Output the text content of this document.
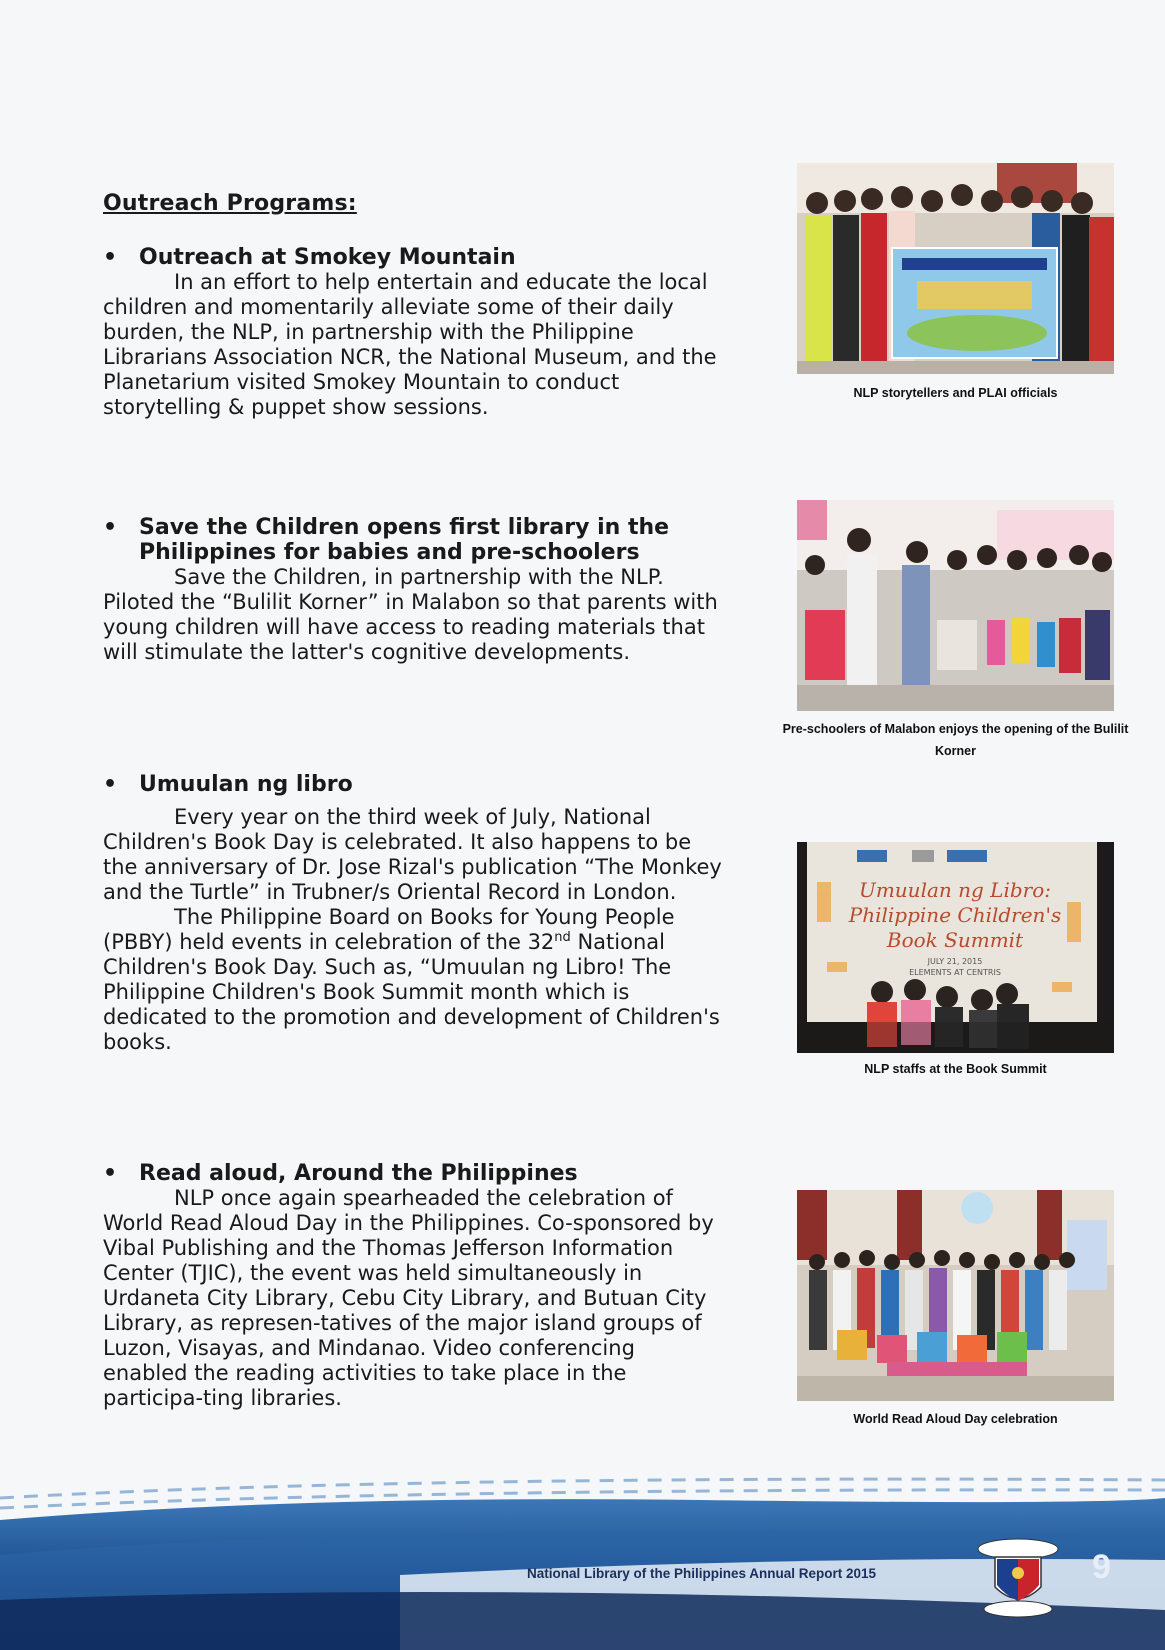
Outreach Programs:
• Outreach at Smokey Mountain

In an effort to help entertain and educate the local children and momentarily alleviate some of their daily burden, the NLP, in partnership with the Philippine Librarians Association NCR, the National Museum, and the Planetarium visited Smokey Mountain to conduct storytelling & puppet show sessions.

• Save the Children opens first library in the Philippines for babies and pre-schoolers

Save the Children, in partnership with the NLP. Piloted the “Bulilit Korner” in Malabon so that parents with young children will have access to reading materials that will stimulate the latter's cognitive developments.

• Umuulan ng libro

Every year on the third week of July, National Children's Book Day is celebrated. It also happens to be the anniversary of Dr. Jose Rizal's publication “The Monkey and the Turtle” in Trubner/s Oriental Record in London.

The Philippine Board on Books for Young People (PBBY) held events in celebration of the 32nd National Children's Book Day. Such as, “Umuulan ng Libro! The Philippine Children's Book Summit month which is dedicated to the promotion and development of Children's books.

• Read aloud, Around the Philippines

NLP once again spearheaded the celebration of World Read Aloud Day in the Philippines. Co-sponsored by Vibal Publishing and the Thomas Jefferson Information Center (TJIC), the event was held simultaneously in Urdaneta City Library, Cebu City Library, and Butuan City Library, as represen-tatives of the major island groups of Luzon, Visayas, and Mindanao. Video conferencing enabled the reading activities to take place in the participa-ting libraries.

NLP storytellers and PLAI officials
Pre-schoolers of Malabon enjoys the opening of the Bulilit Korner
Umuulan ng Libro:
Philippine Children's
Book Summit
JULY 21, 2015
ELEMENTS AT CENTRIS
NLP staffs at the Book Summit
World Read Aloud Day celebration
National Library of the Philippines Annual Report 2015	9
